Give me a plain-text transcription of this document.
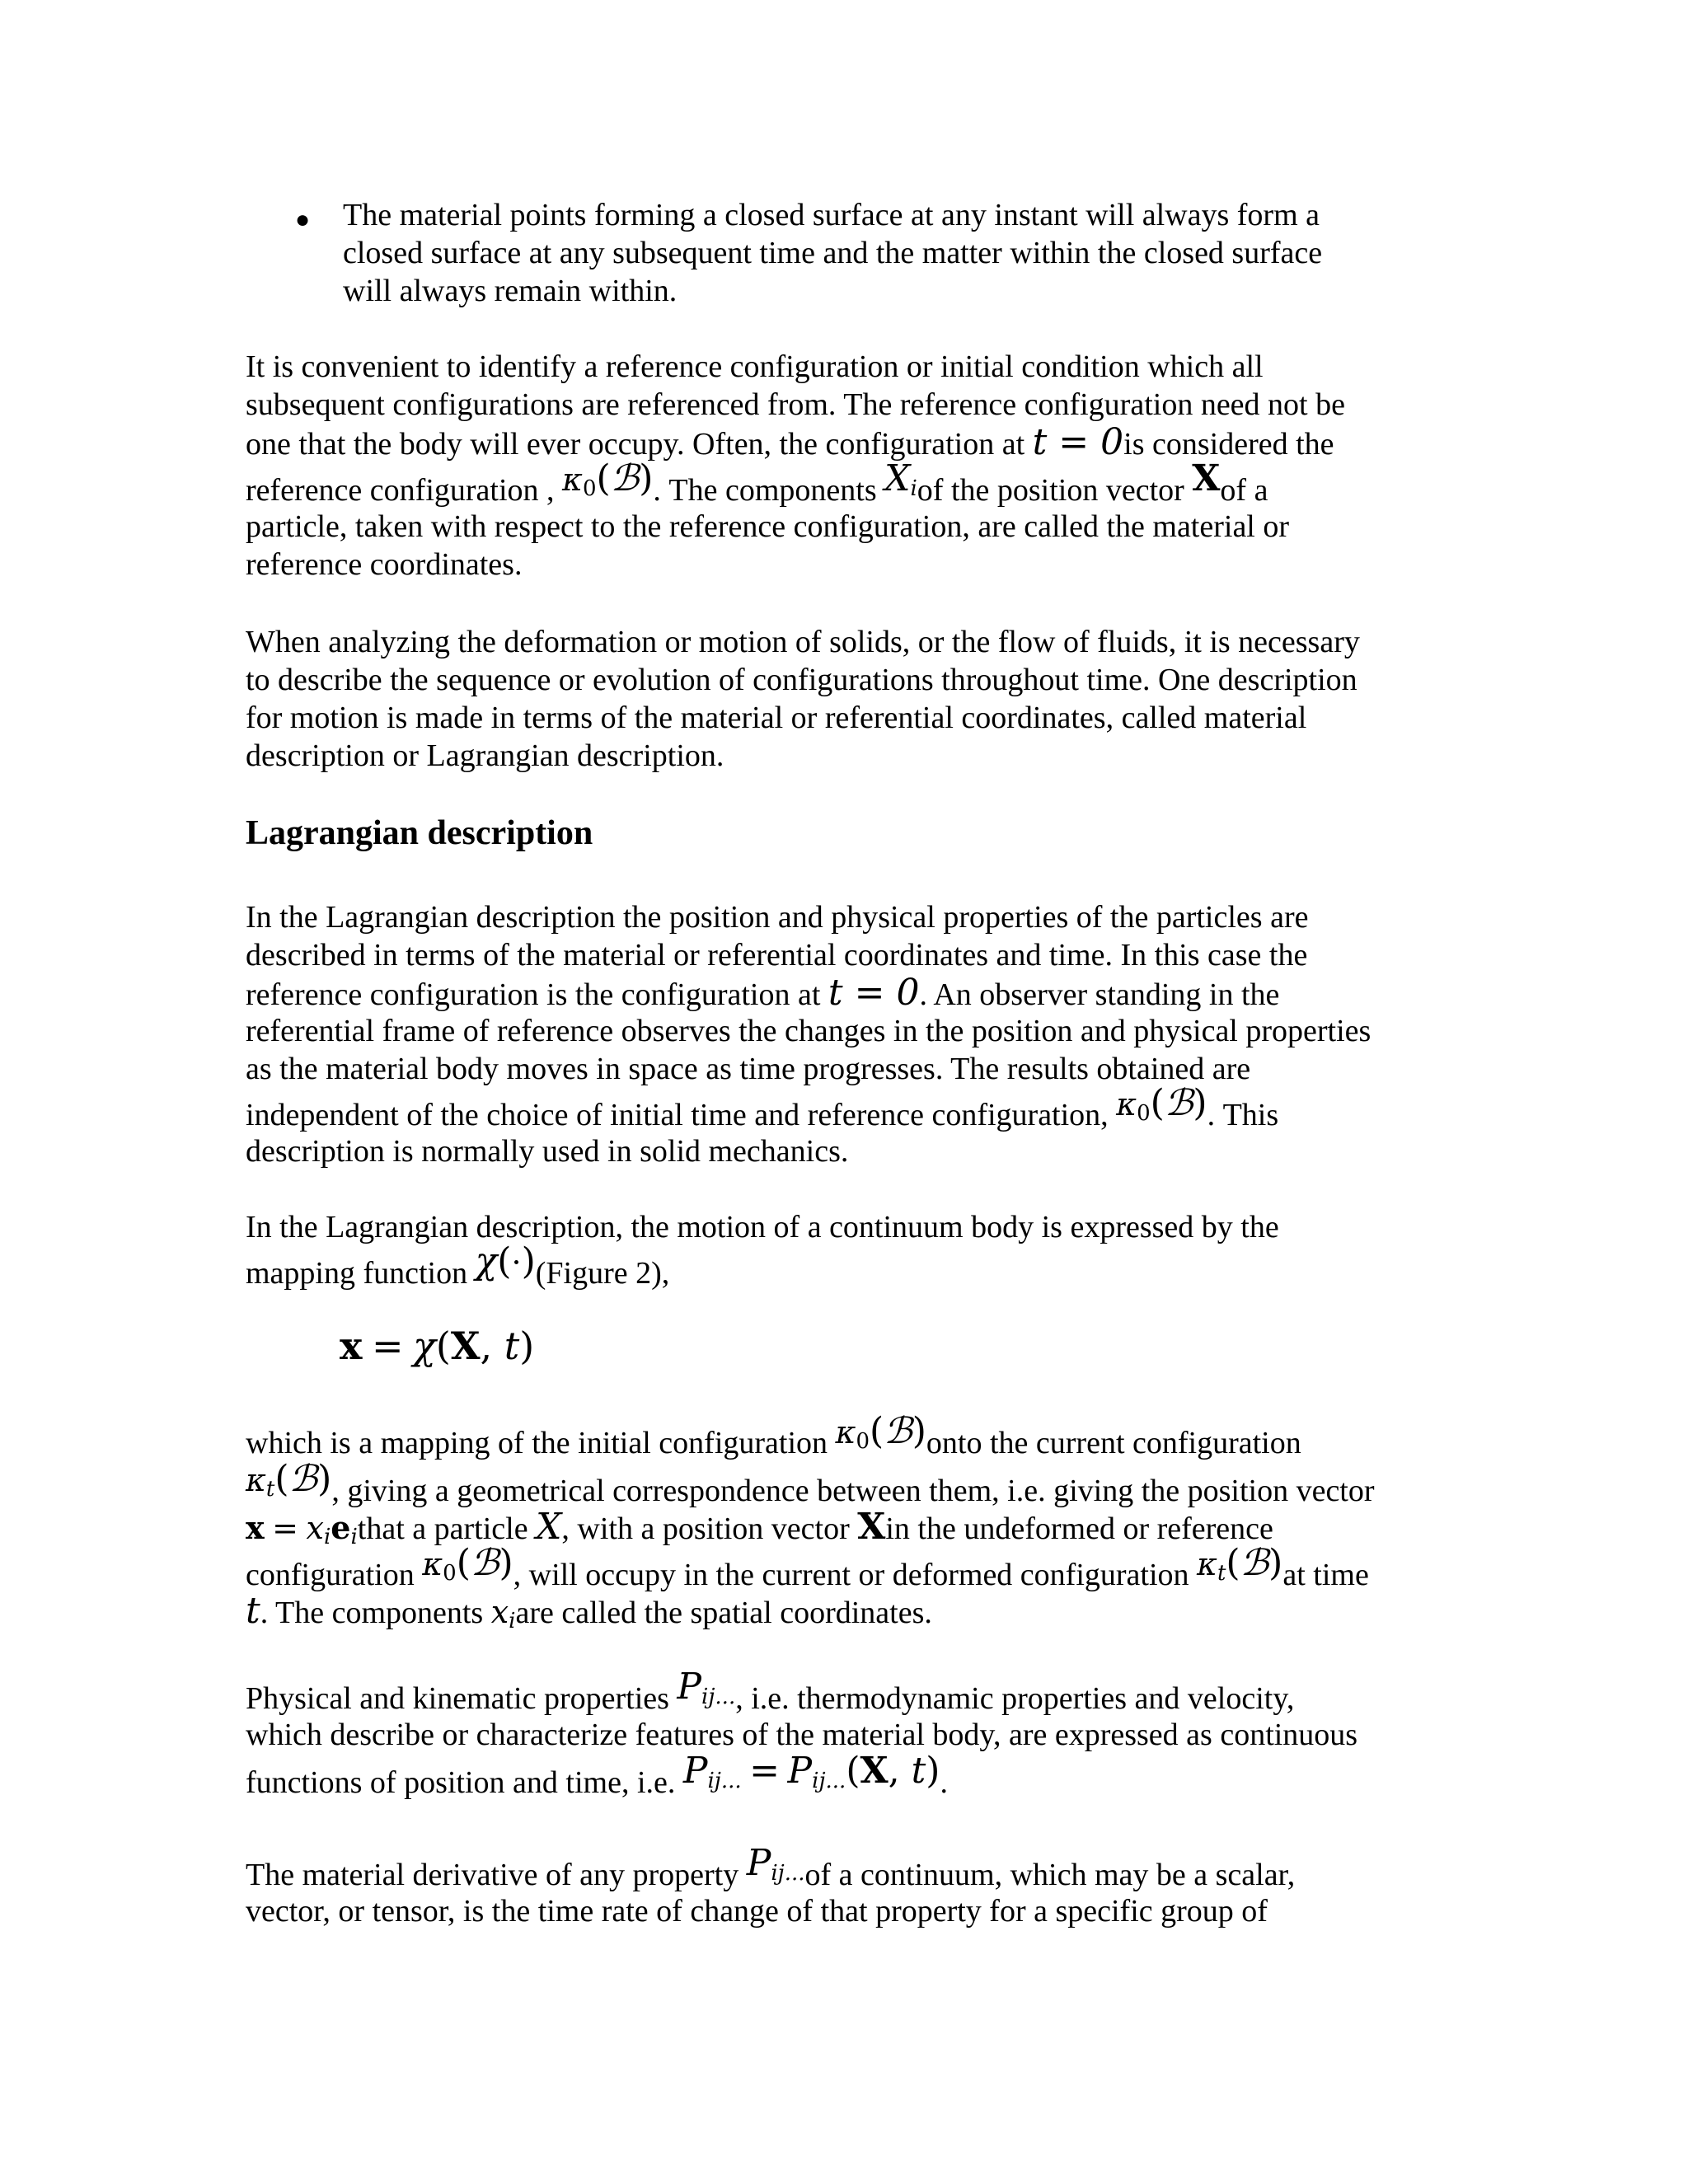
● The material points forming a closed surface at any instant will always form a
closed surface at any subsequent time and the matter within the closed surface
will always remain within.
It is convenient to identify a reference configuration or initial condition which all
subsequent configurations are referenced from. The reference configuration need not be
one that the body will ever occupy. Often, the configuration at t = 0is considered the
reference configuration , $\kappa_0(ℬ)$. The components $X_iof$ the position vector Xof a
particle, taken with respect to the reference configuration, are called the material or
reference coordinates.
When analyzing the deformation or motion of solids, or the flow of fluids, it is necessary
to describe the sequence or evolution of configurations throughout time. One description
for motion is made in terms of the material or referential coordinates, called material
description or Lagrangian description.
Lagrangian description
In the Lagrangian description the position and physical properties of the particles are
described in terms of the material or referential coordinates and time. In this case the
reference configuration is the configuration at t = 0. An observer standing in the
referential frame of reference observes the changes in the position and physical properties
as the material body moves in space as time progresses. The results obtained are
independent of the choice of initial time and reference configuration, $\kappa_0(ℬ)$. This
description is normally used in solid mechanics.
In the Lagrangian description, the motion of a continuum body is expressed by the
mapping function χ(·)(Figure 2),
x = χ(X, t)
which is a mapping of the initial configuration $\kappa_0(ℬ)onto$ the current configuration
$\kappa_t(ℬ)$, giving a geometrical correspondence between them, i.e. giving the position vector
$x = x_ie_ithat$ a particle X, with a position vector Xin the undeformed or reference
configuration $\kappa_0(ℬ)$, will occupy in the current or deformed configuration $\kappa_t(ℬ)at$ time
t. The components $x_iare$ called the spatial coordinates.
Physical and kinematic properties $P_{ij...}$, i.e. thermodynamic properties and velocity,
which describe or characterize features of the material body, are expressed as continuous
functions of position and time, i.e. $P_{ij...} = P_{ij...}(X$, t).
The material derivative of any property $P_{ij...}of$ a continuum, which may be a scalar,
vector, or tensor, is the time rate of change of that property for a specific group of
